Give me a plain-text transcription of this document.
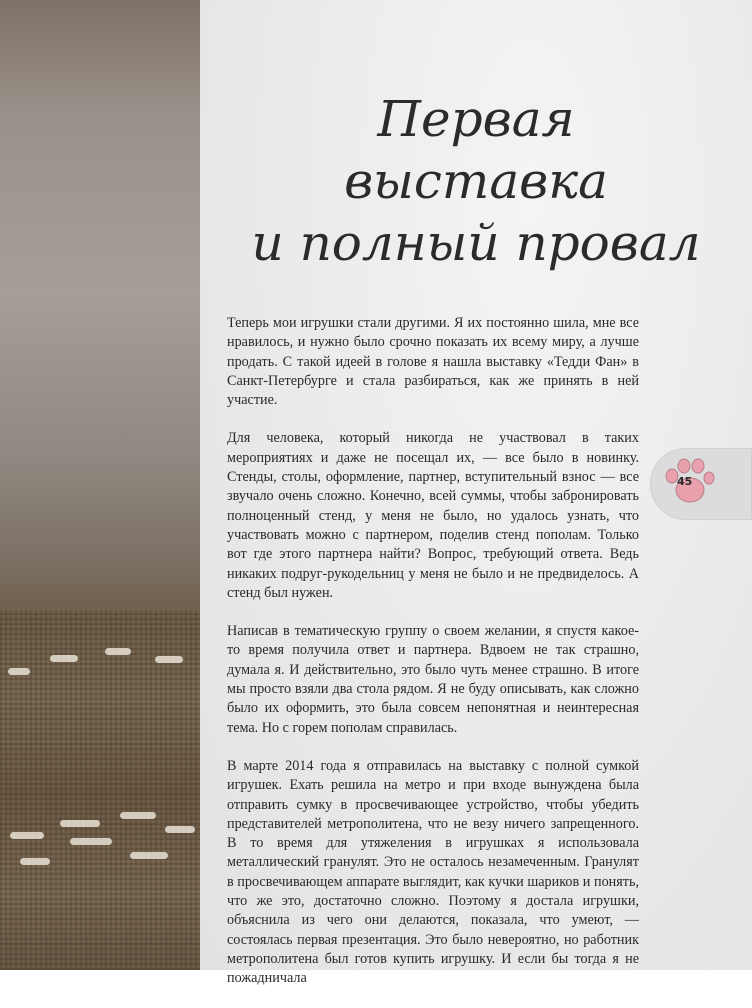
Первая
выставка
и полный провал

Теперь мои игрушки стали другими. Я их постоянно шила, мне все нравилось, и нужно было срочно показать их всему миру, а лучше продать. С такой идеей в голове я нашла выставку «Тедди Фан» в Санкт-Петербурге и стала разбираться, как же принять в ней участие.

Для человека, который никогда не участвовал в таких мероприятиях и даже не посещал их, — все было в новинку. Стенды, столы, оформление, партнер, вступительный взнос — все звучало очень сложно. Конечно, всей суммы, чтобы забронировать полноценный стенд, у меня не было, но удалось узнать, что участвовать можно с партнером, поделив стенд пополам. Только вот где этого партнера найти? Вопрос, требующий ответа. Ведь никаких подруг-рукодельниц у меня не было и не предвиделось. А стенд был нужен.

Написав в тематическую группу о своем желании, я спустя какое-то время получила ответ и партнера. Вдвоем не так страшно, думала я. И действительно, это было чуть менее страшно. В итоге мы просто взяли два стола рядом. Я не буду описывать, как сложно было их оформить, это была совсем непонятная и неинтересная тема. Но с горем пополам справилась.

В марте 2014 года я отправилась на выставку с полной сумкой игрушек. Ехать решила на метро и при входе вынуждена была отправить сумку в просвечивающее устройство, чтобы убедить представителей метрополитена, что не везу ничего запрещенного. В то время для утяжеления в игрушках я использовала металлический гранулят. Это не осталось незамеченным. Гранулят в просвечивающем аппарате выглядит, как кучки шариков и понять, что же это, достаточно сложно. Поэтому я достала игрушки, объяснила из чего они делаются, показала, что умеют, — состоялась первая презентация. Это было невероятно, но работник метрополитена был готов купить игрушку. И если бы тогда я не пожадничала

45
